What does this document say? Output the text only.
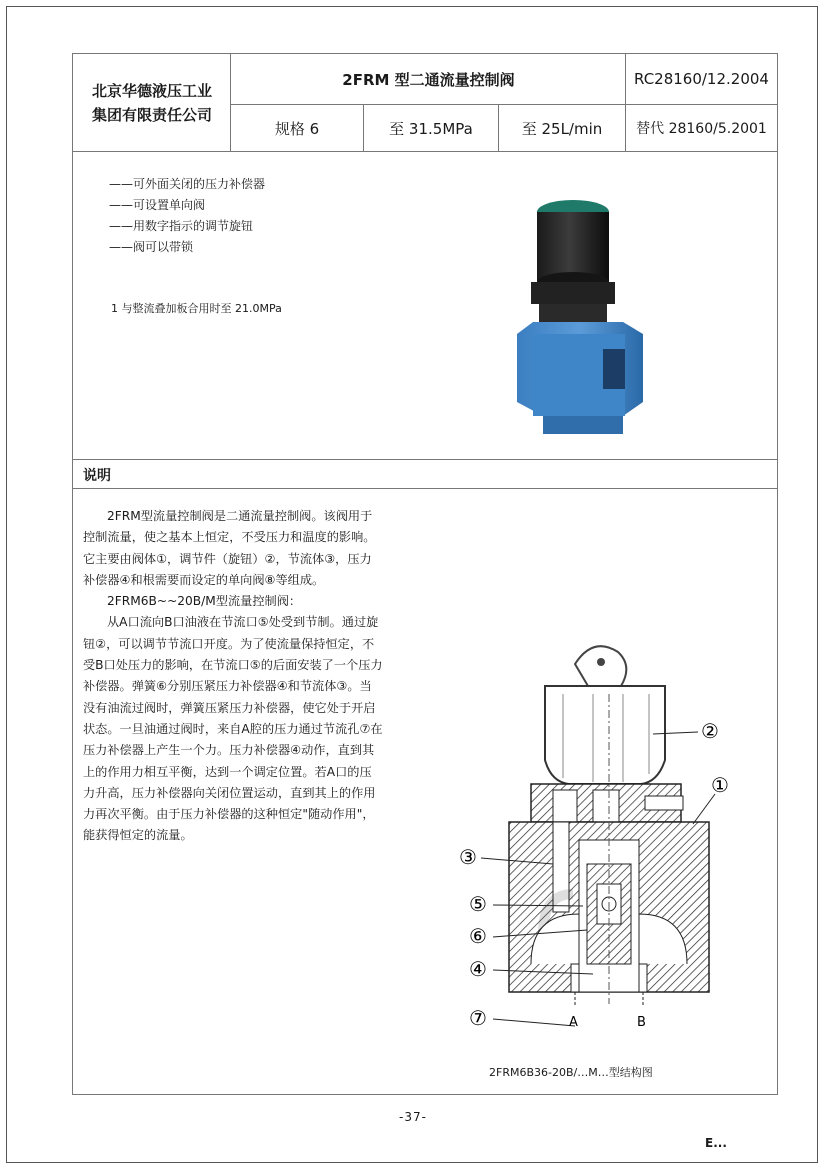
北京华德液压工业
集团有限责任公司
2FRM 型二通流量控制阀	RC28160/12.2004
规格 6	至 31.5MPa	至 25L/min	替代 28160/5.2001
——可外面关闭的压力补偿器
——可设置单向阀
——用数字指示的调节旋钮
——阀可以带锁
1 与整流叠加板合用时至 21.0MPa
说明

2FRM型流量控制阀是二通流量控制阀。该阀用于控制流量，使之基本上恒定，不受压力和温度的影响。它主要由阀体①，调节件（旋钮）②，节流体③，压力补偿器④和根需要而设定的单向阀⑧等组成。

2FRM6B~~20B/M型流量控制阀：

从A口流向B口油液在节流口⑤处受到节制。通过旋钮②，可以调节节流口开度。为了使流量保持恒定，不受B口处压力的影响，在节流口⑤的后面安装了一个压力补偿器。弹簧⑥分别压紧压力补偿器④和节流体③。当没有油流过阀时，弹簧压紧压力补偿器，使它处于开启状态。一旦油通过阀时，来自A腔的压力通过节流孔⑦在压力补偿器上产生一个力。压力补偿器④动作，直到其上的作用力相互平衡，达到一个调定位置。若A口的压力升高，压力补偿器向关闭位置运动，直到其上的作用力再次平衡。由于压力补偿器的这种恒定"随动作用"，能获得恒定的流量。

②
③
①
⑤
⑥
④
⑦	A	B
2FRM6B36-20B/…M…型结构图
-37-
E...
